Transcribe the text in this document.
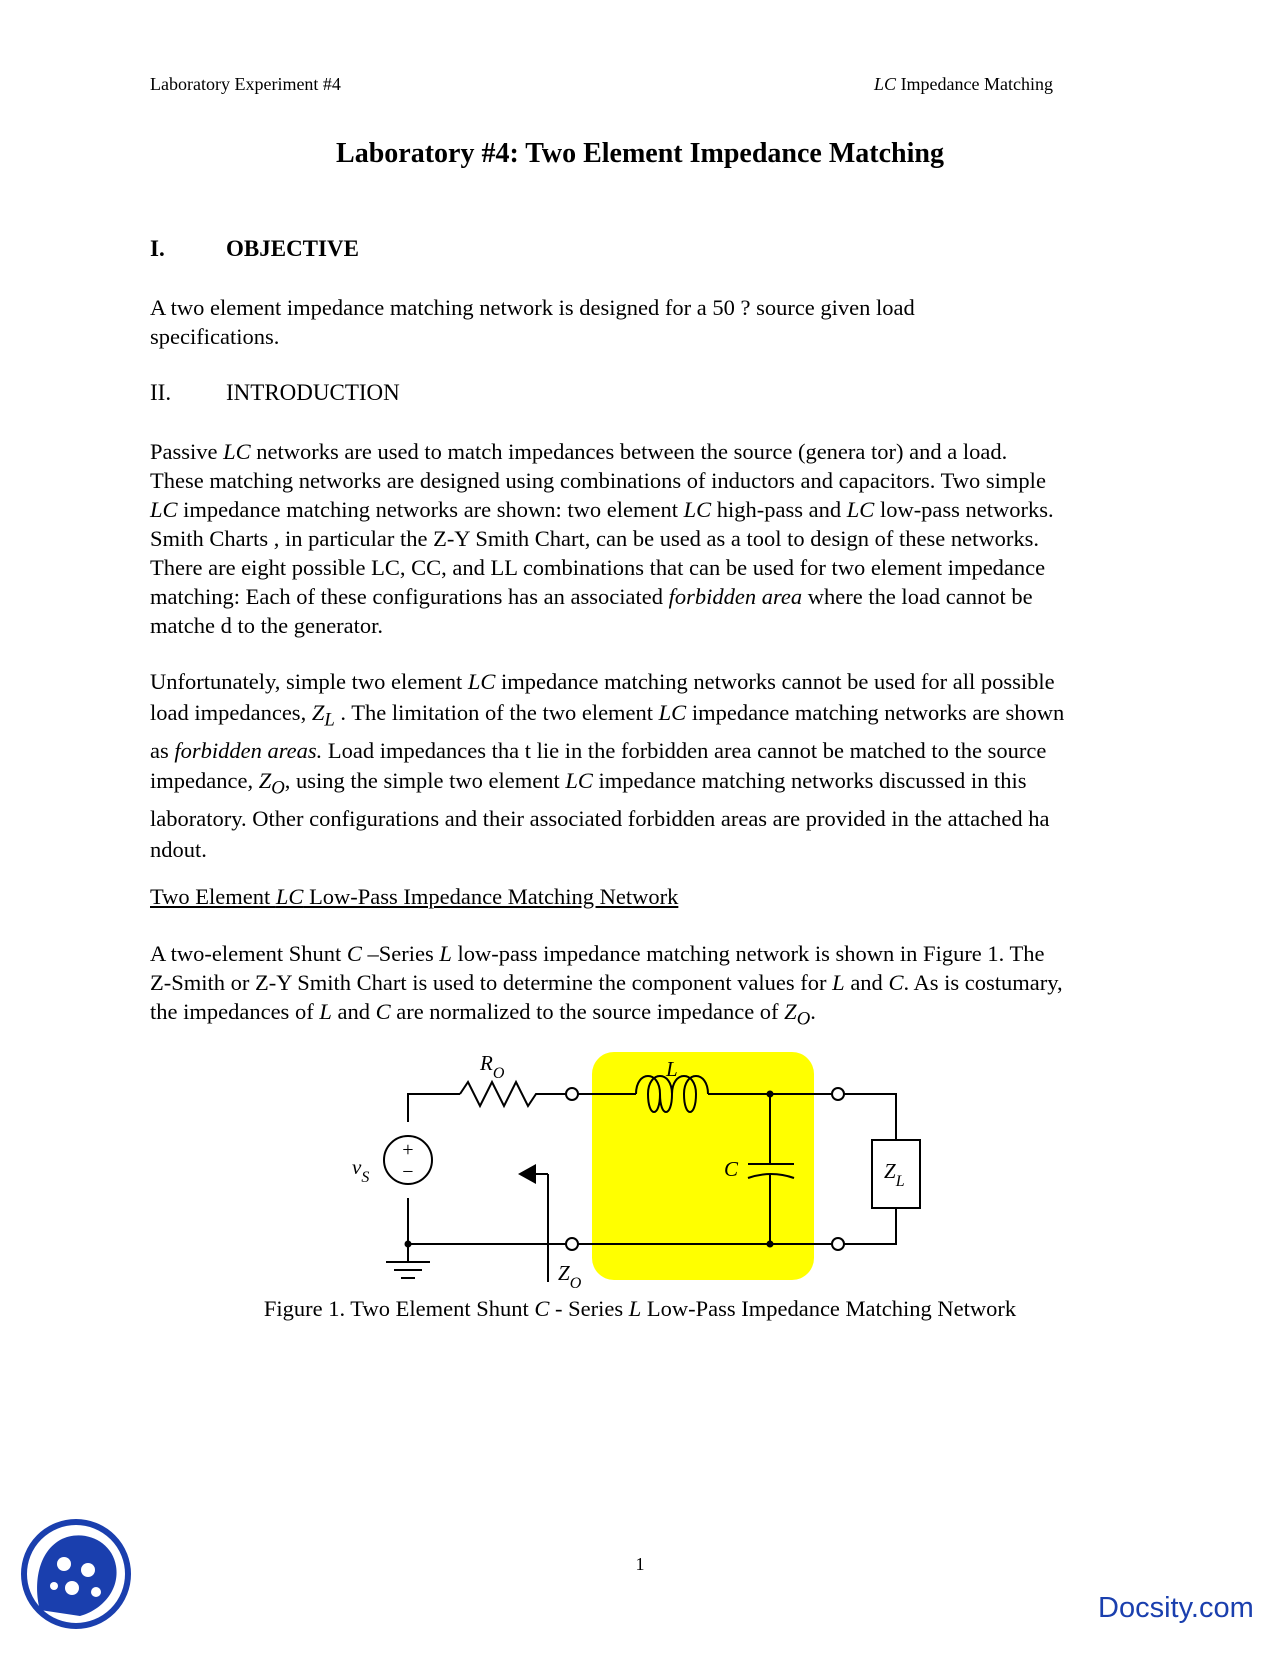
Laboratory Experiment #4	LC Impedance Matching
Laboratory #4: Two Element Impedance Matching
I.	OBJECTIVE
A two element impedance matching network is designed for a 50 ? source given load specifications.
II. INTRODUCTION
Passive LC networks are used to match impedances between the source (genera tor) and a load. These matching networks are designed using combinations of inductors and capacitors. Two simple LC impedance matching networks are shown: two element LC high-pass and LC low-pass networks. Smith Charts , in particular the Z-Y Smith Chart, can be used as a tool to design of these networks. There are eight possible LC, CC, and LL combinations that can be used for two element impedance matching: Each of these configurations has an associated forbidden area where the load cannot be matche d to the generator.
Unfortunately, simple two element LC impedance matching networks cannot be used for all possible load impedances, $Z_L$ . The limitation of the two element LC impedance matching networks are shown as forbidden areas. Load impedances tha t lie in the forbidden area cannot be matched to the source impedance, $Z_O$, using the simple two element LC impedance matching networks discussed in this laboratory. Other configurations and their associated forbidden areas are provided in the attached ha ndout.
Two Element LC Low-Pass Impedance Matching Network
A two-element Shunt C –Series L low-pass impedance matching network is shown in Figure 1. The Z-Smith or Z-Y Smith Chart is used to determine the component values for L and C. As is costumary, the impedances of L and C are normalized to the source impedance of $Z_O$.
$R_O$	L
C
$v_S$
+
−	$Z_L$
$Z_O$
Figure 1. Two Element Shunt C - Series L Low-Pass Impedance Matching Network
1
Docsity.com
